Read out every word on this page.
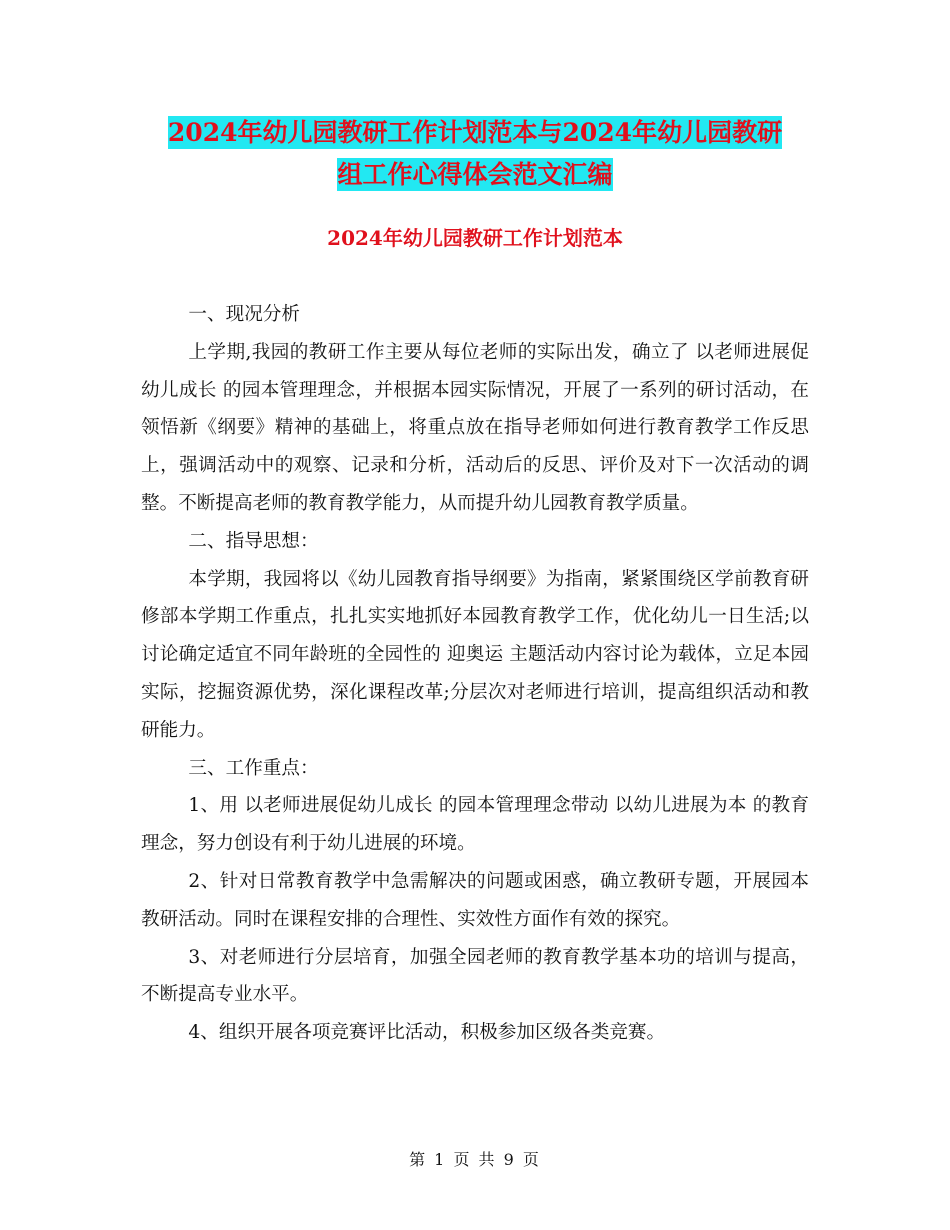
2024年幼儿园教研工作计划范本与2024年幼儿园教研
组工作心得体会范文汇编
2024年幼儿园教研工作计划范本

一、现况分析

上学期,我园的教研工作主要从每位老师的实际出发，确立了 以老师进展促幼儿成长 的园本管理理念，并根据本园实际情况，开展了一系列的研讨活动，在领悟新《纲要》精神的基础上，将重点放在指导老师如何进行教育教学工作反思上，强调活动中的观察、记录和分析，活动后的反思、评价及对下一次活动的调整。不断提高老师的教育教学能力，从而提升幼儿园教育教学质量。

二、指导思想：

本学期，我园将以《幼儿园教育指导纲要》为指南，紧紧围绕区学前教育研修部本学期工作重点，扎扎实实地抓好本园教育教学工作，优化幼儿一日生活;以讨论确定适宜不同年龄班的全园性的 迎奥运 主题活动内容讨论为载体，立足本园实际，挖掘资源优势，深化课程改革;分层次对老师进行培训，提高组织活动和教研能力。

三、工作重点：

1、用 以老师进展促幼儿成长 的园本管理理念带动 以幼儿进展为本 的教育理念，努力创设有利于幼儿进展的环境。

2、针对日常教育教学中急需解决的问题或困惑，确立教研专题，开展园本教研活动。同时在课程安排的合理性、实效性方面作有效的探究。

3、对老师进行分层培育，加强全园老师的教育教学基本功的培训与提高，不断提高专业水平。

4、组织开展各项竞赛评比活动，积极参加区级各类竞赛。

第 1 页 共 9 页
